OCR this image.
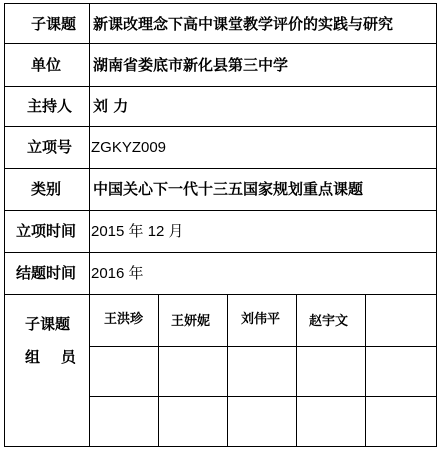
子课题
单位
主持人
立项号
类别
立项时间
结题时间
新课改理念下高中课堂教学评价的实践与研究
湖南省娄底市新化县第三中学
刘 力
ZGKYZ009
中国关心下一代十三五国家规划重点课题
2015 年 12 月
2016 年
子课题
组    员
王洪珍 王妍妮 刘伟平 赵宇文
